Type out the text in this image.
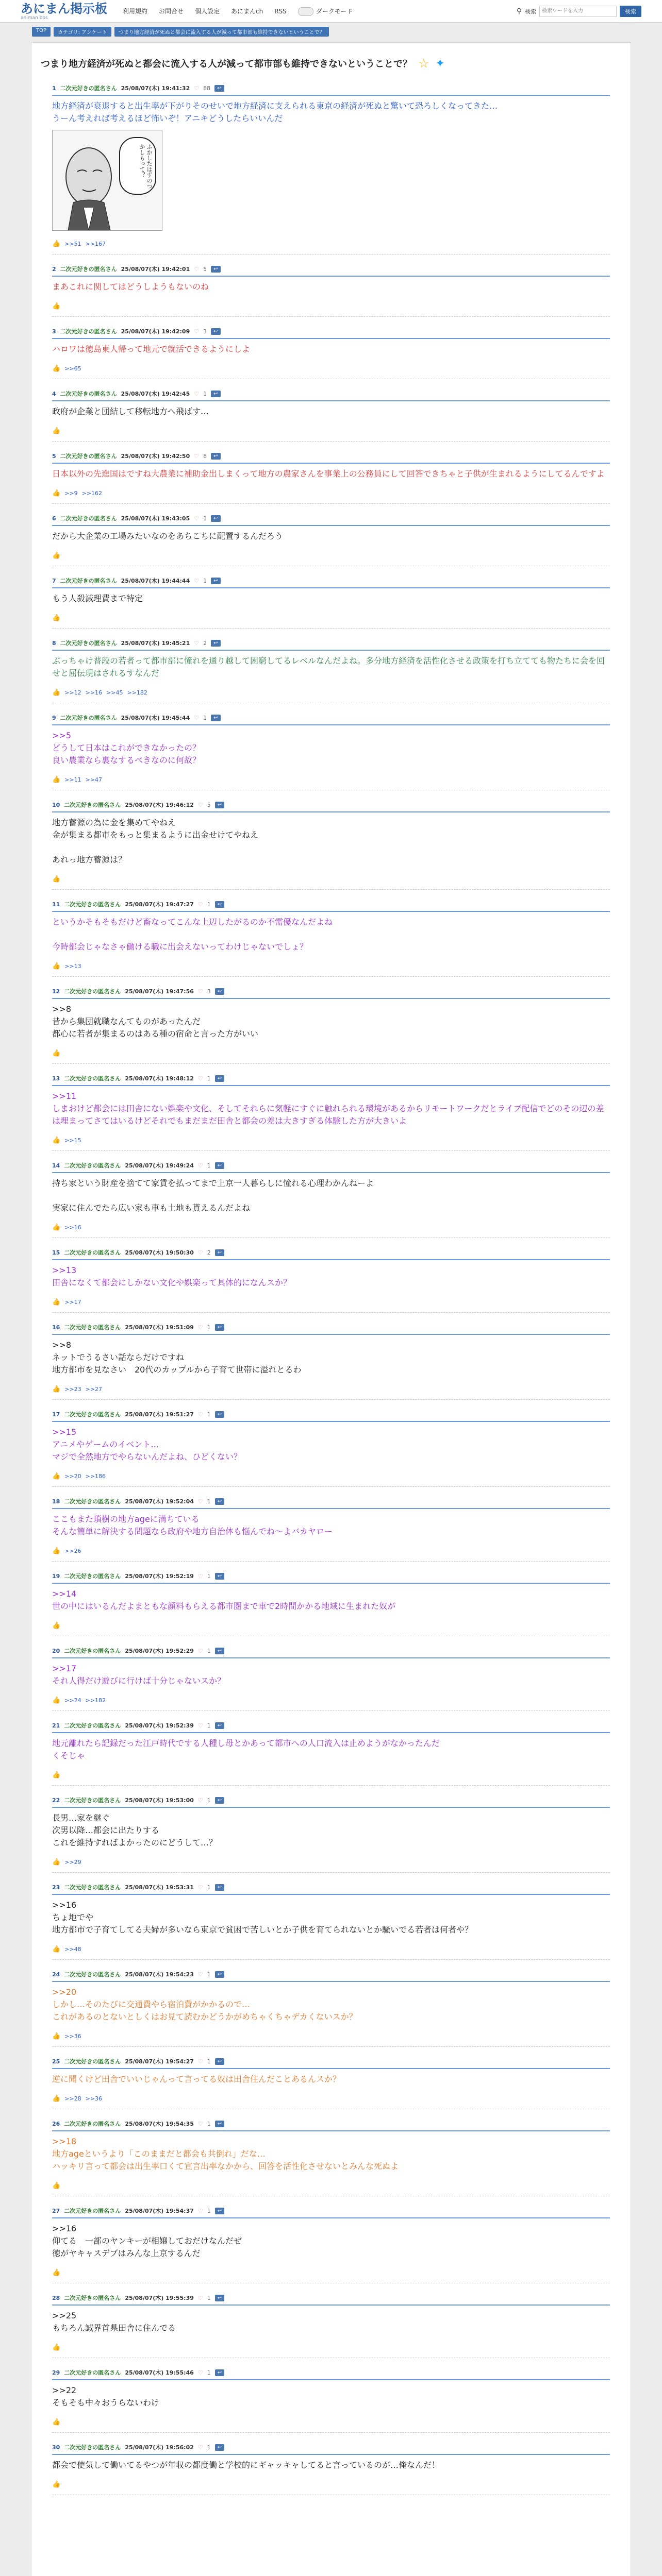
あにまん掲示板
animan bbs
利用規約 お問合せ 個人設定 あにまんch RSS	ダークモード	⚲ 検索
検索ワードを入力	検索
TOP	カテゴリ: アンケート	つまり地方経済が死ぬと都会に流入する人が減って都市部も維持できないということで？
つまり地方経済が死ぬと都会に流入する人が減って都市部も維持できないということで？ ☆ ✦
1 二次元好きの匿名さん 25/08/07(木) 19:41:32 ♡ 88	↩
地方経済が衰退すると出生率が下がりそのせいで地方経済に支えられる東京の経済が死ぬと驚いて恐ろしくなってきた…
うーん考えれば考えるほど怖いぞ！アニキどうしたらいいんだ
ふかしたはずのつかしもって？
👍 >>51 >>167
2 二次元好きの匿名さん 25/08/07(木) 19:42:01 ♡ 5	↩
まあこれに関してはどうしようもないのね
👍
3 二次元好きの匿名さん 25/08/07(木) 19:42:09 ♡ 3	↩
ハロワは徳島東人帰って地元で就活できるようにしよ
👍 >>65
4 二次元好きの匿名さん 25/08/07(木) 19:42:45 ♡ 1	↩
政府が企業と団結して移転地方へ飛ばす…
👍
5 二次元好きの匿名さん 25/08/07(木) 19:42:50 ♡ 8	↩
日本以外の先進国はですね大農業に補助金出しまくって地方の農家さんを事業上の公務員にして回答できちゃと子供が生まれるようにしてるんですよ
👍 >>9 >>162
6 二次元好きの匿名さん 25/08/07(木) 19:43:05 ♡ 1	↩
だから大企業の工場みたいなのをあちこちに配置するんだろう
👍
7 二次元好きの匿名さん 25/08/07(木) 19:44:44 ♡ 1	↩
もう人殺減理費まで特定
👍
8 二次元好きの匿名さん 25/08/07(木) 19:45:21 ♡ 2	↩
ぶっちゃけ普段の若者って都市部に憧れを通り越して困窮してるレベルなんだよね。多分地方経済を活性化させる政策を打ち立てても物たちに会を回せと屈伝現はされるすなんだ
👍 >>12 >>16 >>45 >>182
9 二次元好きの匿名さん 25/08/07(木) 19:45:44 ♡ 1	↩
>>5
どうして日本はこれができなかったの？
良い農業なら裏なするべきなのに何故？
👍 >>11 >>47
10 二次元好きの匿名さん 25/08/07(木) 19:46:12 ♡ 5	↩
地方蓄源の為に金を集めてやねえ
金が集まる都市をもっと集まるように出金せけてやねえ

あれっ地方蓄源は？
👍
11 二次元好きの匿名さん 25/08/07(木) 19:47:27 ♡ 1	↩
というかそもそもだけど畜なってこんな上辺したがるのか不需優なんだよね

今時都会じゃなさゃ働ける職に出会えないってわけじゃないでしょ？
👍 >>13
12 二次元好きの匿名さん 25/08/07(木) 19:47:56 ♡ 3	↩
>>8
昔から集団就職なんてものがあったんだ
都心に若者が集まるのはある種の宿命と言った方がいい
👍
13 二次元好きの匿名さん 25/08/07(木) 19:48:12 ♡ 1	↩
>>11
しまおけど都会には田舎にない娯楽や文化、そしてそれらに気軽にすぐに触れられる環境があるからリモートワークだとライブ配信でどのその辺の差は埋まってさてはいるけどそれでもまだまだ田舎と都会の差は大きすぎる体験した方が大きいよ
👍 >>15
14 二次元好きの匿名さん 25/08/07(木) 19:49:24 ♡ 1	↩
持ち家という財産を捨てて家賃を払ってまで上京一人暮らしに憧れる心理わかんねーよ

実家に住んでたら広い家も車も土地も貰えるんだよね
👍 >>16
15 二次元好きの匿名さん 25/08/07(木) 19:50:30 ♡ 2	↩
>>13
田舎になくて都会にしかない文化や娯楽って具体的になんスか？
👍 >>17
16 二次元好きの匿名さん 25/08/07(木) 19:51:09 ♡ 1	↩
>>8
ネットでうるさい話ならだけですね
地方都市を見なさい　20代のカップルから子育て世帯に溢れとるわ
👍 >>23 >>27
17 二次元好きの匿名さん 25/08/07(木) 19:51:27 ♡ 1	↩
>>15
アニメやゲームのイベント…
マジで全然地方でやらないんだよね、ひどくない？
👍 >>20 >>186
18 二次元好きの匿名さん 25/08/07(木) 19:52:04 ♡ 1	↩
ここもまた瑣樹の地方ageに満ちている
そんな簡単に解決する問題なら政府や地方自治体も悩んでね～よバカヤロー
👍 >>26
19 二次元好きの匿名さん 25/08/07(木) 19:52:19 ♡ 1	↩
>>14
世の中にはいるんだよまともな顔料もらえる都市圏まで車で2時間かかる地域に生まれた奴が
👍
20 二次元好きの匿名さん 25/08/07(木) 19:52:29 ♡ 1	↩
>>17
それ人得だけ遊びに行けば十分じゃないスか？
👍 >>24 >>182
21 二次元好きの匿名さん 25/08/07(木) 19:52:39 ♡ 1	↩
地元離れたら記録だった江戸時代でする人種し母とかあって都市への人口流入は止めようがなかったんだ
くそじゃ
👍
22 二次元好きの匿名さん 25/08/07(木) 19:53:00 ♡ 1	↩
長男…家を継ぐ
次男以降…都会に出たりする
これを維持すればよかったのにどうして…？
👍 >>29
23 二次元好きの匿名さん 25/08/07(木) 19:53:31 ♡ 1	↩
>>16
ちょ地でや
地方都市で子育てしてる夫婦が多いなら東京で貧困で苦しいとか子供を育てられないとか騒いでる若者は何者や？
👍 >>48
24 二次元好きの匿名さん 25/08/07(木) 19:54:23 ♡ 1	↩
>>20
しかし…そのたびに交通費やら宿泊費がかかるので…
これがあるのとないとしくはお見て読むかどうかがめちゃくちゃデカくないスか？
👍 >>36
25 二次元好きの匿名さん 25/08/07(木) 19:54:27 ♡ 1	↩
逆に聞くけど田舎でいいじゃんって言ってる奴は田舎住んだことあるんスか？
👍 >>28 >>36
26 二次元好きの匿名さん 25/08/07(木) 19:54:35 ♡ 1	↩
>>18
地方ageというより「このままだと都会も共倒れ」だな…
ハッキリ言って都会は出生率口くて宣言出率なかから、回答を活性化させないとみんな死ぬよ
👍
27 二次元好きの匿名さん 25/08/07(木) 19:54:37 ♡ 1	↩
>>16
仰てる　一部のヤンキーが相嬢しておだけなんだぜ
徳がヤキャスデブはみんな上京するんだ
👍
28 二次元好きの匿名さん 25/08/07(木) 19:55:39 ♡ 1	↩
>>25
もちろん誠界首県田舎に住んでる
👍
29 二次元好きの匿名さん 25/08/07(木) 19:55:46 ♡ 1	↩
>>22
そもそも中々おうらないわけ
👍
30 二次元好きの匿名さん 25/08/07(木) 19:56:02 ♡ 1	↩
都会で使気して働いてるやつが年収の都度働と学校的にギャッキャしてると言っているのが…俺なんだ！
👍
